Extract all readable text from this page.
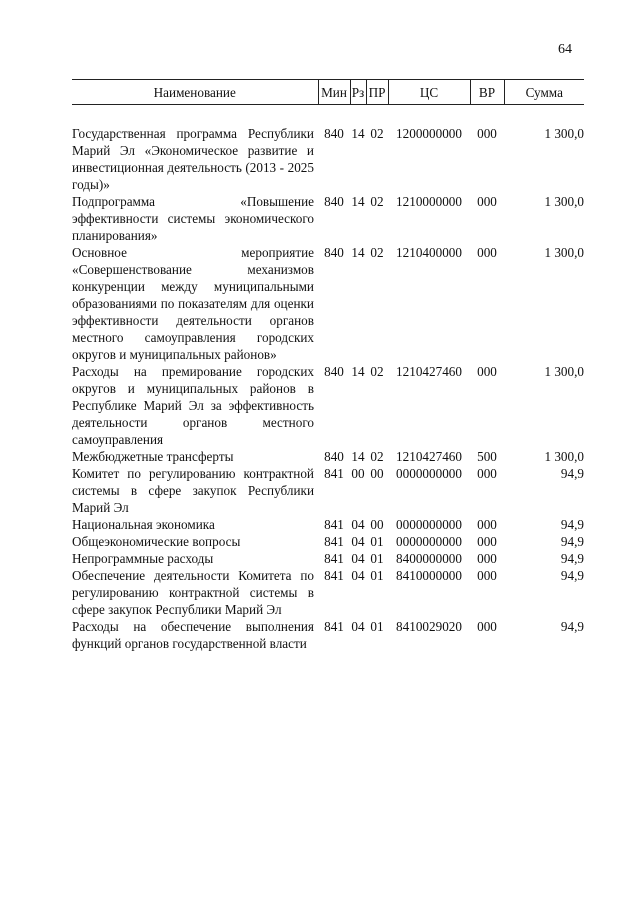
64
Наименование	Мин	Рз	ПР	ЦС	ВР	Сумма
Государственная программа Республики Марий Эл «Экономическое развитие и инвестиционная деятельность (2013 - 2025 годы)»	840	14	02	1200000000	000	1 300,0
Подпрограмма «Повышение эффективности системы экономического планирования»	840	14	02	1210000000	000	1 300,0
Основное мероприятие «Совершенствование механизмов конкуренции между муниципальными образованиями по показателям для оценки эффективности деятельности органов местного самоуправления городских округов и муниципальных районов»	840	14	02	1210400000	000	1 300,0
Расходы на премирование городских округов и муниципальных районов в Республике Марий Эл за эффективность деятельности органов местного самоуправления	840	14	02	1210427460	000	1 300,0
Межбюджетные трансферты	840	14	02	1210427460	500	1 300,0
Комитет по регулированию контрактной системы в сфере закупок Республики Марий Эл	841	00	00	0000000000	000	94,9
Национальная экономика	841	04	00	0000000000	000	94,9
Общеэкономические вопросы	841	04	01	0000000000	000	94,9
Непрограммные расходы	841	04	01	8400000000	000	94,9
Обеспечение деятельности Комитета по регулированию контрактной системы в сфере закупок Республики Марий Эл	841	04	01	8410000000	000	94,9
Расходы на обеспечение выполнения функций органов государственной власти	841	04	01	8410029020	000	94,9
